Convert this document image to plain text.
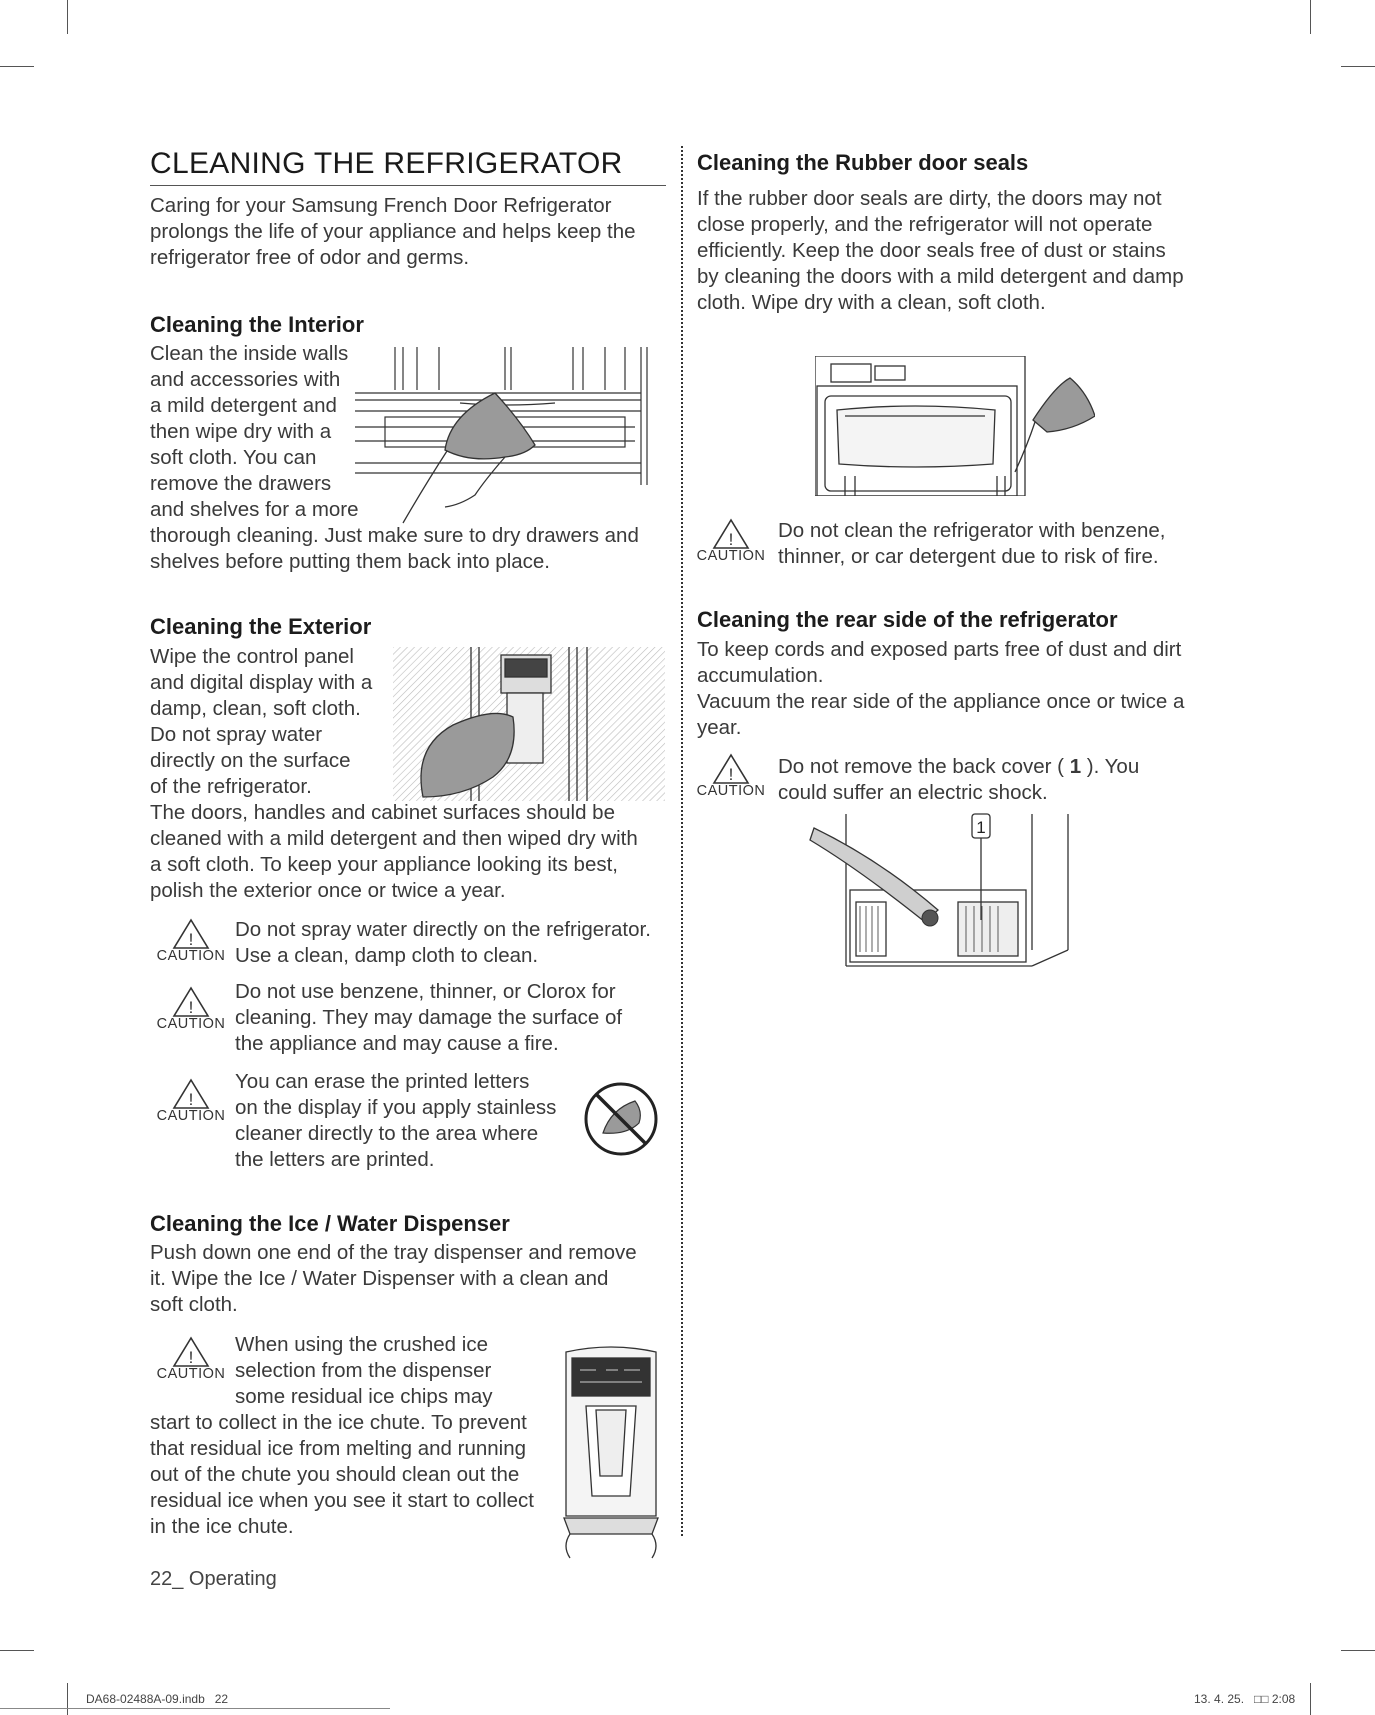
CLEANING THE REFRIGERATOR

Caring for your Samsung French Door Refrigerator prolongs the life of your appliance and helps keep the refrigerator free of odor and germs.

Cleaning the Interior
Clean the inside walls
and accessories with
a mild detergent and
then wipe dry with a
soft cloth. You can
remove the drawers
and shelves for a more
thorough cleaning. Just make sure to dry drawers and
shelves before putting them back into place.
Cleaning the Exterior
Wipe the control panel
and digital display with a
damp, clean, soft cloth.
Do not spray water
directly on the surface
of the refrigerator.
The doors, handles and cabinet surfaces should be
cleaned with a mild detergent and then wiped dry with
a soft cloth. To keep your appliance looking its best,
polish the exterior once or twice a year.
!
CAUTION
Do not spray water directly on the refrigerator.
Use a clean, damp cloth to clean.
!
CAUTION
Do not use benzene, thinner, or Clorox for
cleaning. They may damage the surface of
the appliance and may cause a fire.
!
CAUTION
You can erase the printed letters
on the display if you apply stainless
cleaner directly to the area where
the letters are printed.
Cleaning the Ice / Water Dispenser
Push down one end of the tray dispenser and remove
it. Wipe the Ice / Water Dispenser with a clean and
soft cloth.
!
CAUTION
When using the crushed ice
selection from the dispenser
some residual ice chips may
start to collect in the ice chute. To prevent
that residual ice from melting and running
out of the chute you should clean out the
residual ice when you see it start to collect
in the ice chute.
Cleaning the Rubber door seals
If the rubber door seals are dirty, the doors may not
close properly, and the refrigerator will not operate
efficiently. Keep the door seals free of dust or stains
by cleaning the doors with a mild detergent and damp
cloth. Wipe dry with a clean, soft cloth.
!
CAUTION
Do not clean the refrigerator with benzene,
thinner, or car detergent due to risk of fire.
Cleaning the rear side of the refrigerator
To keep cords and exposed parts free of dust and dirt
accumulation.
Vacuum the rear side of the appliance once or twice a
year.
!
CAUTION
Do not remove the back cover ( 1 ). You
could suffer an electric shock.
1
22_ Operating
DA68-02488A-09.indb   22	13. 4. 25.   □□ 2:08
